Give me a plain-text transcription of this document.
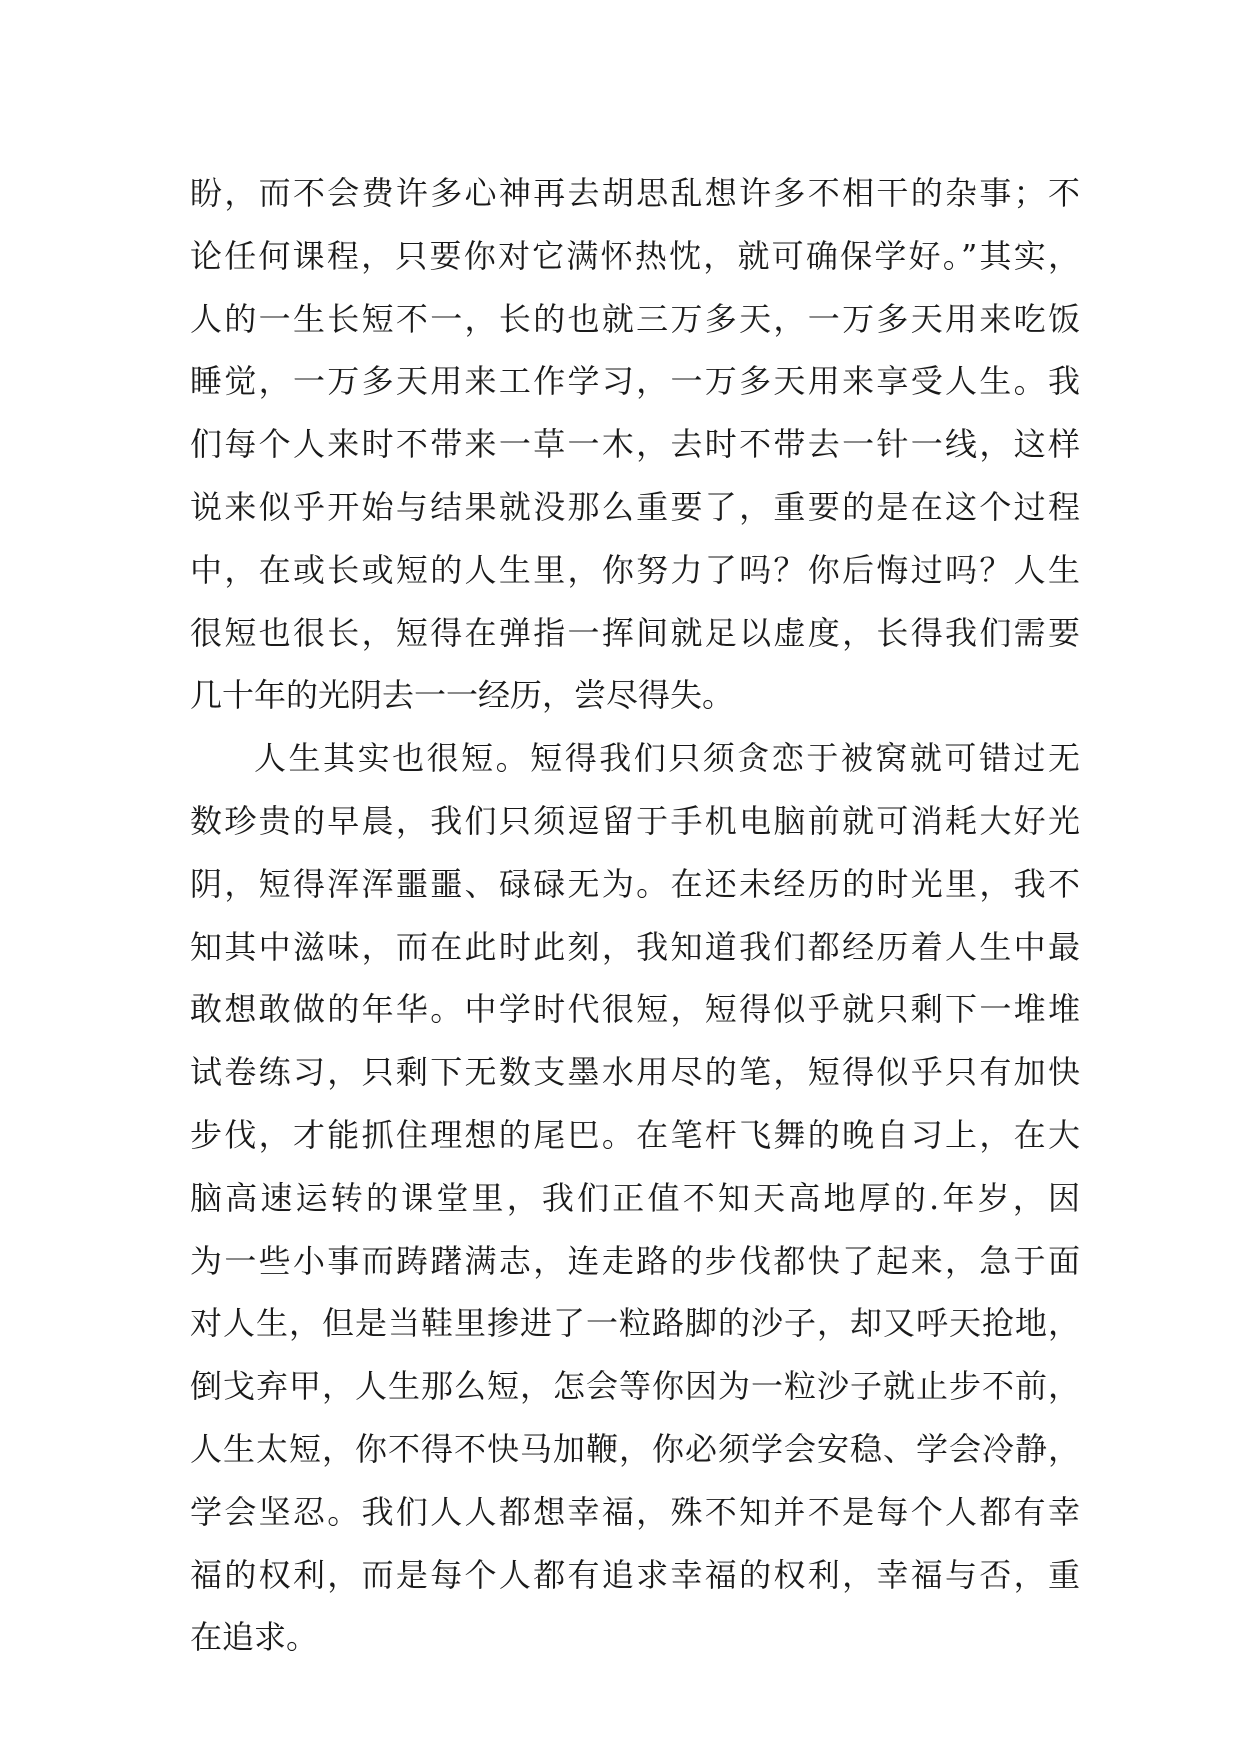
盼，而不会费许多心神再去胡思乱想许多不相干的杂事；不
论任何课程，只要你对它满怀热忱，就可确保学好。”其实，
人的一生长短不一，长的也就三万多天，一万多天用来吃饭
睡觉，一万多天用来工作学习，一万多天用来享受人生。我
们每个人来时不带来一草一木，去时不带去一针一线，这样
说来似乎开始与结果就没那么重要了，重要的是在这个过程
中，在或长或短的人生里，你努力了吗？你后悔过吗？人生
很短也很长，短得在弹指一挥间就足以虚度，长得我们需要
几十年的光阴去一一经历，尝尽得失。
人生其实也很短。短得我们只须贪恋于被窝就可错过无
数珍贵的早晨，我们只须逗留于手机电脑前就可消耗大好光
阴，短得浑浑噩噩、碌碌无为。在还未经历的时光里，我不
知其中滋味，而在此时此刻，我知道我们都经历着人生中最
敢想敢做的年华。中学时代很短，短得似乎就只剩下一堆堆
试卷练习，只剩下无数支墨水用尽的笔，短得似乎只有加快
步伐，才能抓住理想的尾巴。在笔杆飞舞的晚自习上，在大
脑高速运转的课堂里，我们正值不知天高地厚的.年岁，因
为一些小事而踌躇满志，连走路的步伐都快了起来，急于面
对人生，但是当鞋里掺进了一粒路脚的沙子，却又呼天抢地，
倒戈弃甲，人生那么短，怎会等你因为一粒沙子就止步不前，
人生太短，你不得不快马加鞭，你必须学会安稳、学会冷静，
学会坚忍。我们人人都想幸福，殊不知并不是每个人都有幸
福的权利，而是每个人都有追求幸福的权利，幸福与否，重
在追求。
